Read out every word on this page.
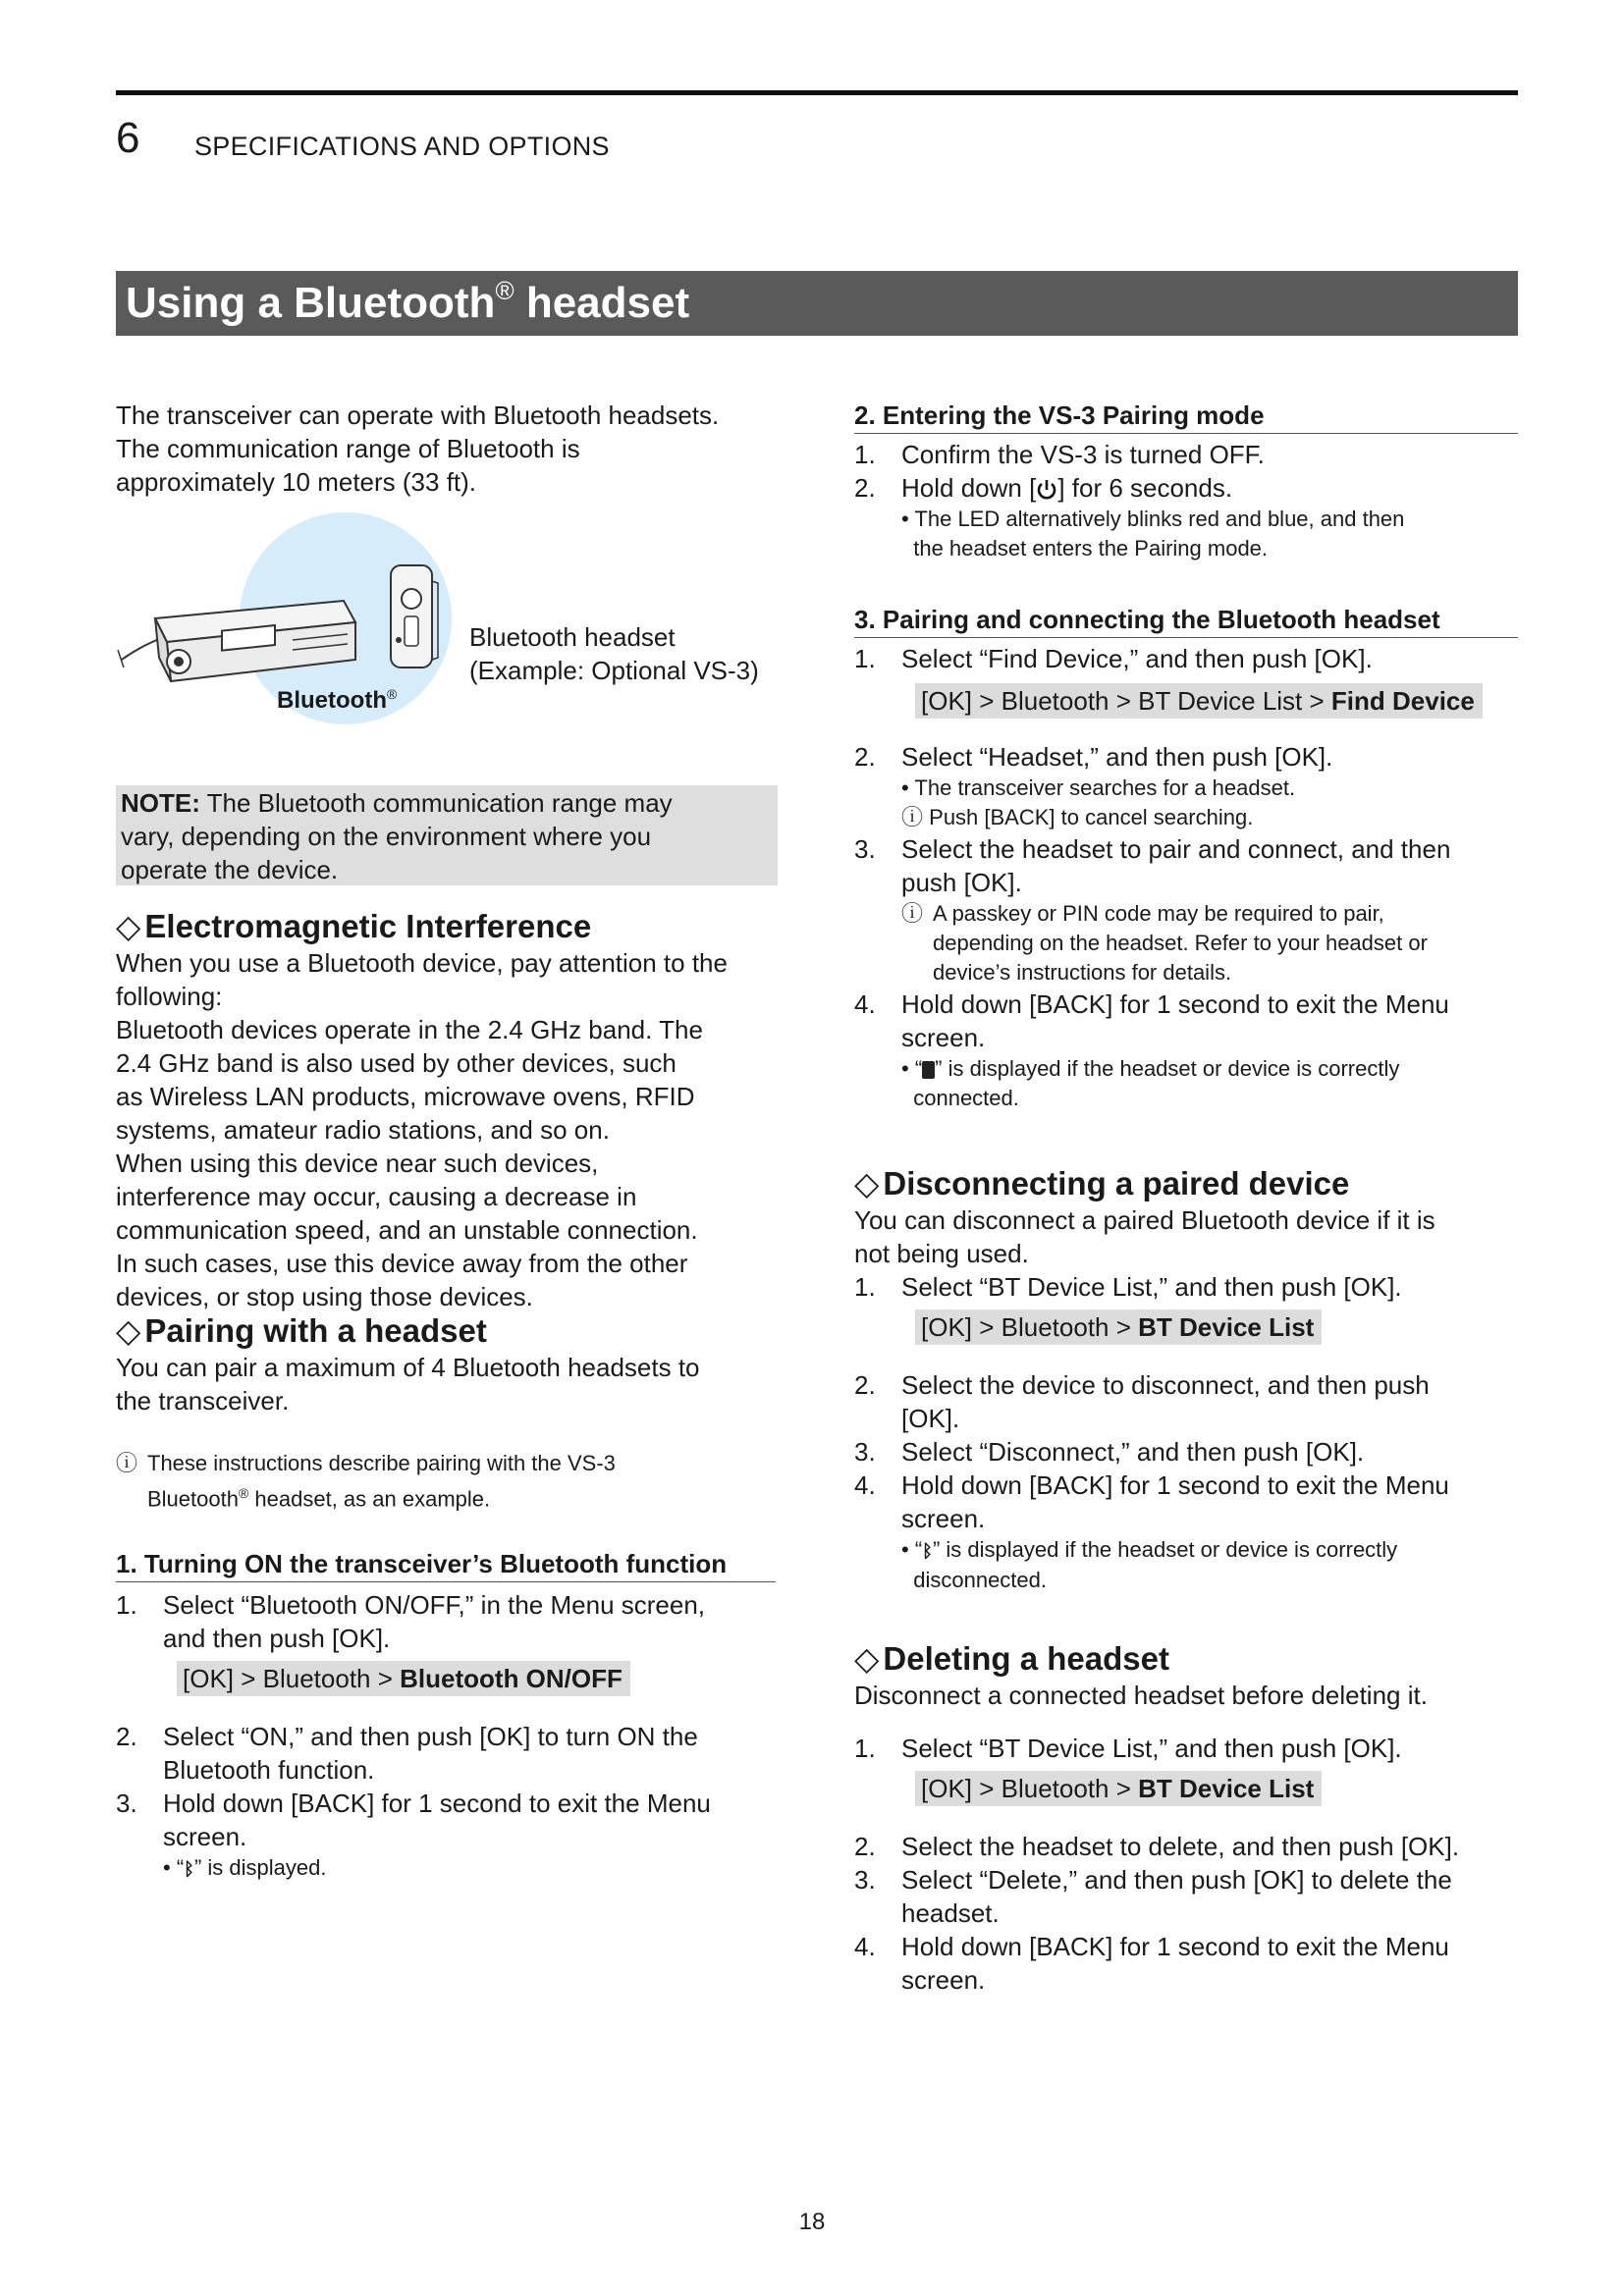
6 SPECIFICATIONS AND OPTIONS
Using a Bluetooth® headset

The transceiver can operate with Bluetooth headsets.

The communication range of Bluetooth is

approximately 10 meters (33 ft).

Bluetooth®

Bluetooth headset

(Example: Optional VS-3)

NOTE: The Bluetooth communication range may
vary, depending on the environment where you
operate the device.

◇ Electromagnetic Interference

When you use a Bluetooth device, pay attention to the

following:

Bluetooth devices operate in the 2.4 GHz band. The

2.4 GHz band is also used by other devices, such

as Wireless LAN products, microwave ovens, RFID

systems, amateur radio stations, and so on.

When using this device near such devices,

interference may occur, causing a decrease in

communication speed, and an unstable connection.

In such cases, use this device away from the other

devices, or stop using those devices.

◇ Pairing with a headset

You can pair a maximum of 4 Bluetooth headsets to

the transceiver.

ⓘ These instructions describe pairing with the VS-3
Bluetooth® headset, as an example.
1. Turning ON the transceiver’s Bluetooth function
1. Select “Bluetooth ON/OFF,” in the Menu screen,
and then push [OK].
[OK] > Bluetooth > Bluetooth ON/OFF
2. Select “ON,” and then push [OK] to turn ON the
Bluetooth function.
3. Hold down [BACK] for 1 second to exit the Menu
screen.
• “ᛒ” is displayed.
2. Entering the VS-3 Pairing mode
1. Confirm the VS-3 is turned OFF.
2. Hold down [ ] for 6 seconds.
• The LED alternatively blinks red and blue, and then
the headset enters the Pairing mode.
3. Pairing and connecting the Bluetooth headset
1. Select “Find Device,” and then push [OK].
[OK] > Bluetooth > BT Device List > Find Device
2. Select “Headset,” and then push [OK].
• The transceiver searches for a headset.
ⓘ Push [BACK] to cancel searching.
3. Select the headset to pair and connect, and then
push [OK].
ⓘ A passkey or PIN code may be required to pair,
depending on the headset. Refer to your headset or
device’s instructions for details.
4. Hold down [BACK] for 1 second to exit the Menu
screen.
• “ ” is displayed if the headset or device is correctly
connected.
◇ Disconnecting a paired device

You can disconnect a paired Bluetooth device if it is

not being used.

1. Select “BT Device List,” and then push [OK].
[OK] > Bluetooth > BT Device List
2. Select the device to disconnect, and then push
[OK].
3. Select “Disconnect,” and then push [OK].
4. Hold down [BACK] for 1 second to exit the Menu
screen.
• “ᛒ” is displayed if the headset or device is correctly
disconnected.
◇ Deleting a headset

Disconnect a connected headset before deleting it.

1. Select “BT Device List,” and then push [OK].
[OK] > Bluetooth > BT Device List
2. Select the headset to delete, and then push [OK].
3. Select “Delete,” and then push [OK] to delete the
headset.
4. Hold down [BACK] for 1 second to exit the Menu
screen.
18
